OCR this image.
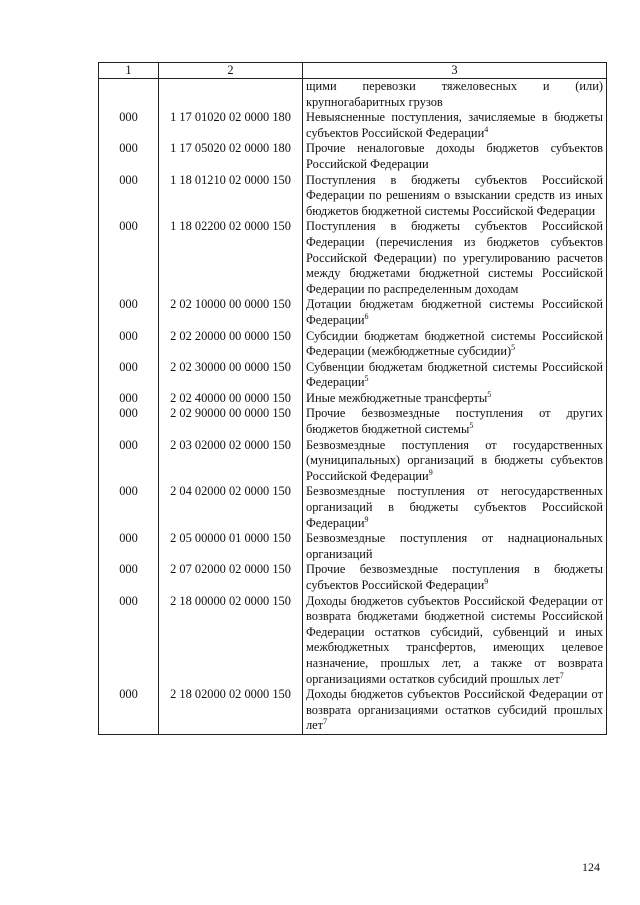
1	2	3
		щими перевозки тяжеловесных и (или) крупногабаритных грузов
000	1 17 01020 02 0000 180	Невыясненные поступления, зачисляемые в бюджеты субъектов Российской Федерации$^4$
000	1 17 05020 02 0000 180	Прочие неналоговые доходы бюджетов субъектов Российской Федерации
000	1 18 01210 02 0000 150	Поступления в бюджеты субъектов Российской Федерации по решениям о взыскании средств из иных бюджетов бюджетной системы Российской Федерации
000	1 18 02200 02 0000 150	Поступления в бюджеты субъектов Российской Федерации (перечисления из бюджетов субъектов Российской Федерации) по урегулированию расчетов между бюджетами бюджетной системы Российской Федерации по распределенным доходам
000	2 02 10000 00 0000 150	Дотации бюджетам бюджетной системы Российской Федерации$^6$
000	2 02 20000 00 0000 150	Субсидии бюджетам бюджетной системы Российской Федерации (межбюджетные субсидии)$^5$
000	2 02 30000 00 0000 150	Субвенции бюджетам бюджетной системы Российской Федерации$^5$
000	2 02 40000 00 0000 150	Иные межбюджетные трансферты$^5$
000	2 02 90000 00 0000 150	Прочие безвозмездные поступления от других бюджетов бюджетной системы$^5$
000	2 03 02000 02 0000 150	Безвозмездные поступления от государственных (муниципальных) организаций в бюджеты субъектов Российской Федерации$^9$
000	2 04 02000 02 0000 150	Безвозмездные поступления от негосударственных организаций в бюджеты субъектов Российской Федерации$^9$
000	2 05 00000 01 0000 150	Безвозмездные поступления от наднациональных организаций
000	2 07 02000 02 0000 150	Прочие безвозмездные поступления в бюджеты субъектов Российской Федерации$^9$
000	2 18 00000 02 0000 150	Доходы бюджетов субъектов Российской Федерации от возврата бюджетами бюджетной системы Российской Федерации остатков субсидий, субвенций и иных межбюджетных трансфертов, имеющих целевое назначение, прошлых лет, а также от возврата организациями остатков субсидий прошлых лет$^7$
000	2 18 02000 02 0000 150	Доходы бюджетов субъектов Российской Федерации от возврата организациями остатков субсидий прошлых лет$^7$
124
